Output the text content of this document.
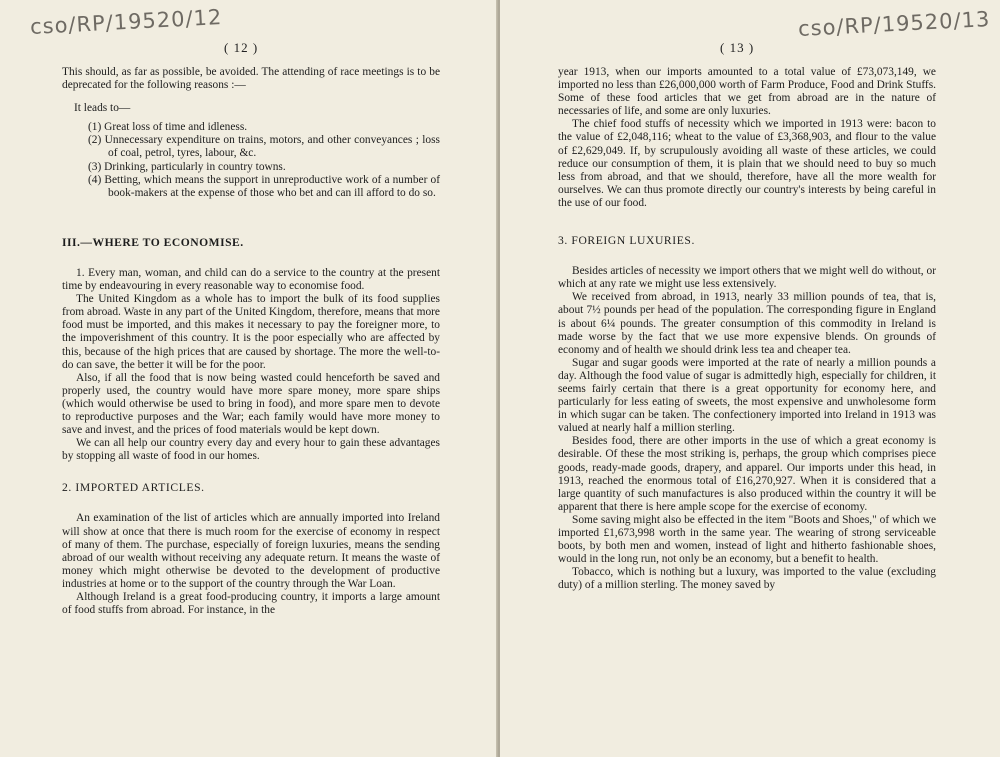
cso/RP/19520/12
( 12 )

This should, as far as possible, be avoided. The attending of race meetings is to be deprecated for the following reasons :—

It leads to—

(1) Great loss of time and idleness.

(2) Unnecessary expenditure on trains, motors, and other conveyances ; loss of coal, petrol, tyres, labour, &c.

(3) Drinking, particularly in country towns.

(4) Betting, which means the support in unreproductive work of a number of book-makers at the expense of those who bet and can ill afford to do so.

III.—WHERE TO ECONOMISE.

1. Every man, woman, and child can do a service to the country at the present time by endeavouring in every reasonable way to economise food.

The United Kingdom as a whole has to import the bulk of its food supplies from abroad. Waste in any part of the United Kingdom, therefore, means that more food must be imported, and this makes it necessary to pay the foreigner more, to the impoverishment of this country. It is the poor especially who are affected by this, because of the high prices that are caused by shortage. The more the well-to-do can save, the better it will be for the poor.

Also, if all the food that is now being wasted could henceforth be saved and properly used, the country would have more spare money, more spare ships (which would otherwise be used to bring in food), and more spare men to devote to reproductive purposes and the War; each family would have more money to save and invest, and the prices of food materials would be kept down.

We can all help our country every day and every hour to gain these advantages by stopping all waste of food in our homes.

2. IMPORTED ARTICLES.

An examination of the list of articles which are annually imported into Ireland will show at once that there is much room for the exercise of economy in respect of many of them. The purchase, especially of foreign luxuries, means the sending abroad of our wealth without receiving any adequate return. It means the waste of money which might otherwise be devoted to the development of productive industries at home or to the support of the country through the War Loan.

Although Ireland is a great food-producing country, it imports a large amount of food stuffs from abroad. For instance, in the

cso/RP/19520/13
( 13 )

year 1913, when our imports amounted to a total value of £73,073,149, we imported no less than £26,000,000 worth of Farm Produce, Food and Drink Stuffs. Some of these food articles that we get from abroad are in the nature of necessaries of life, and some are only luxuries.

The chief food stuffs of necessity which we imported in 1913 were: bacon to the value of £2,048,116; wheat to the value of £3,368,903, and flour to the value of £2,629,049. If, by scrupulously avoiding all waste of these articles, we could reduce our consumption of them, it is plain that we should need to buy so much less from abroad, and that we should, therefore, have all the more wealth for ourselves. We can thus promote directly our country's interests by being careful in the use of our food.

3. FOREIGN LUXURIES.

Besides articles of necessity we import others that we might well do without, or which at any rate we might use less extensively.

We received from abroad, in 1913, nearly 33 million pounds of tea, that is, about 7½ pounds per head of the population. The corresponding figure in England is about 6¼ pounds. The greater consumption of this commodity in Ireland is made worse by the fact that we use more expensive blends. On grounds of economy and of health we should drink less tea and cheaper tea.

Sugar and sugar goods were imported at the rate of nearly a million pounds a day. Although the food value of sugar is admittedly high, especially for children, it seems fairly certain that there is a great opportunity for economy here, and particularly for less eating of sweets, the most expensive and unwholesome form in which sugar can be taken. The confectionery imported into Ireland in 1913 was valued at nearly half a million sterling.

Besides food, there are other imports in the use of which a great economy is desirable. Of these the most striking is, perhaps, the group which comprises piece goods, ready-made goods, drapery, and apparel. Our imports under this head, in 1913, reached the enormous total of £16,270,927. When it is considered that a large quantity of such manufactures is also produced within the country it will be apparent that there is here ample scope for the exercise of economy.

Some saving might also be effected in the item "Boots and Shoes," of which we imported £1,673,998 worth in the same year. The wearing of strong serviceable boots, by both men and women, instead of light and hitherto fashionable shoes, would in the long run, not only be an economy, but a benefit to health.

Tobacco, which is nothing but a luxury, was imported to the value (excluding duty) of a million sterling. The money saved by
